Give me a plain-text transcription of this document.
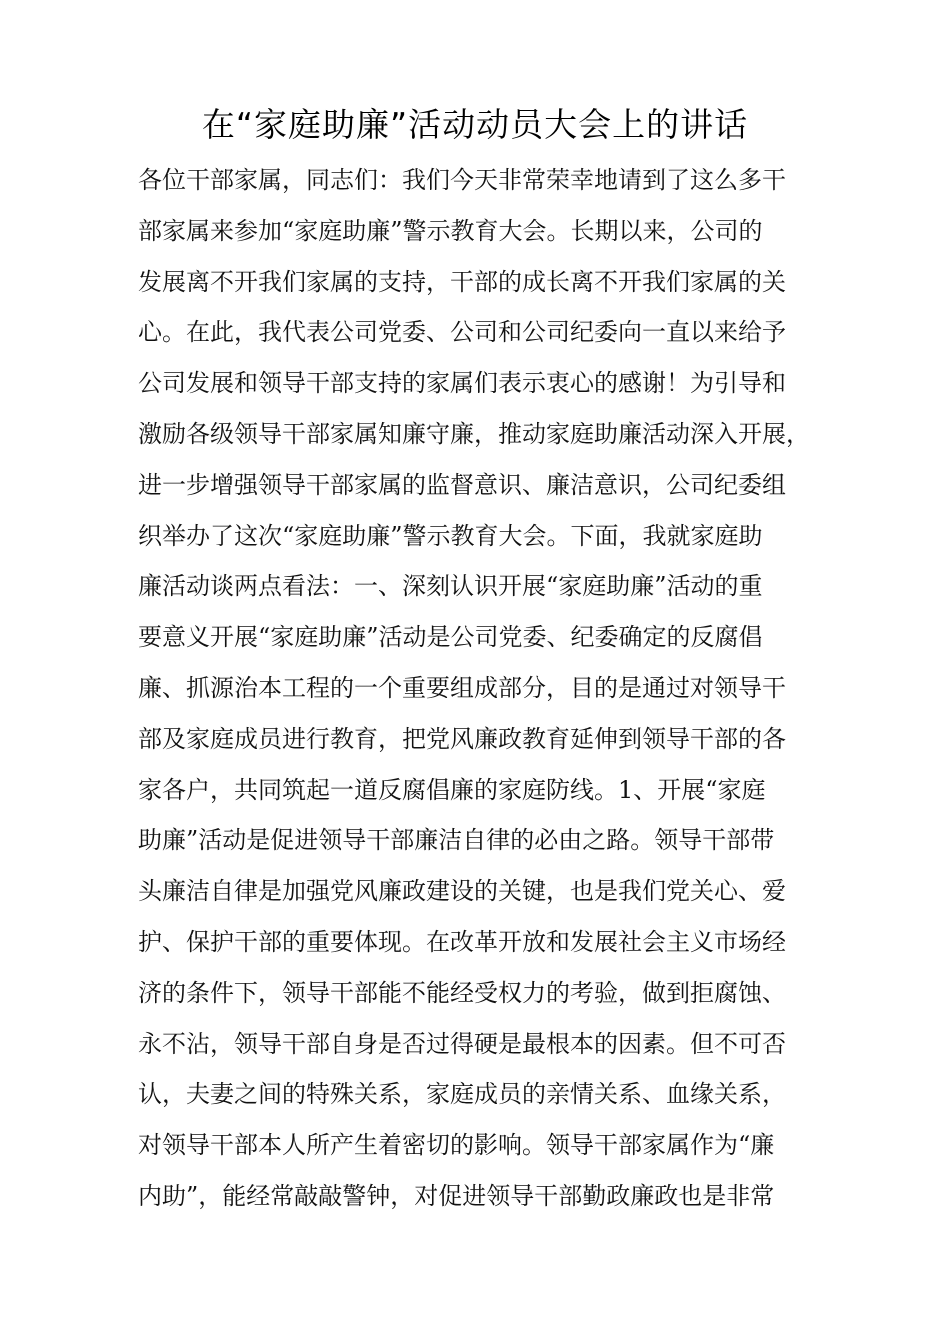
在“家庭助廉”活动动员大会上的讲话
各位干部家属，同志们：我们今天非常荣幸地请到了这么多干
部家属来参加“家庭助廉”警示教育大会。长期以来，公司的
发展离不开我们家属的支持，干部的成长离不开我们家属的关
心。在此，我代表公司党委、公司和公司纪委向一直以来给予
公司发展和领导干部支持的家属们表示衷心的感谢！为引导和
激励各级领导干部家属知廉守廉，推动家庭助廉活动深入开展，
进一步增强领导干部家属的监督意识、廉洁意识，公司纪委组
织举办了这次“家庭助廉”警示教育大会。下面，我就家庭助
廉活动谈两点看法：一、深刻认识开展“家庭助廉”活动的重
要意义开展“家庭助廉”活动是公司党委、纪委确定的反腐倡
廉、抓源治本工程的一个重要组成部分，目的是通过对领导干
部及家庭成员进行教育，把党风廉政教育延伸到领导干部的各
家各户，共同筑起一道反腐倡廉的家庭防线。1、开展“家庭
助廉”活动是促进领导干部廉洁自律的必由之路。领导干部带
头廉洁自律是加强党风廉政建设的关键，也是我们党关心、爱
护、保护干部的重要体现。在改革开放和发展社会主义市场经
济的条件下，领导干部能不能经受权力的考验，做到拒腐蚀、
永不沾，领导干部自身是否过得硬是最根本的因素。但不可否
认，夫妻之间的特殊关系，家庭成员的亲情关系、血缘关系，
对领导干部本人所产生着密切的影响。领导干部家属作为“廉
内助”，能经常敲敲警钟，对促进领导干部勤政廉政也是非常
